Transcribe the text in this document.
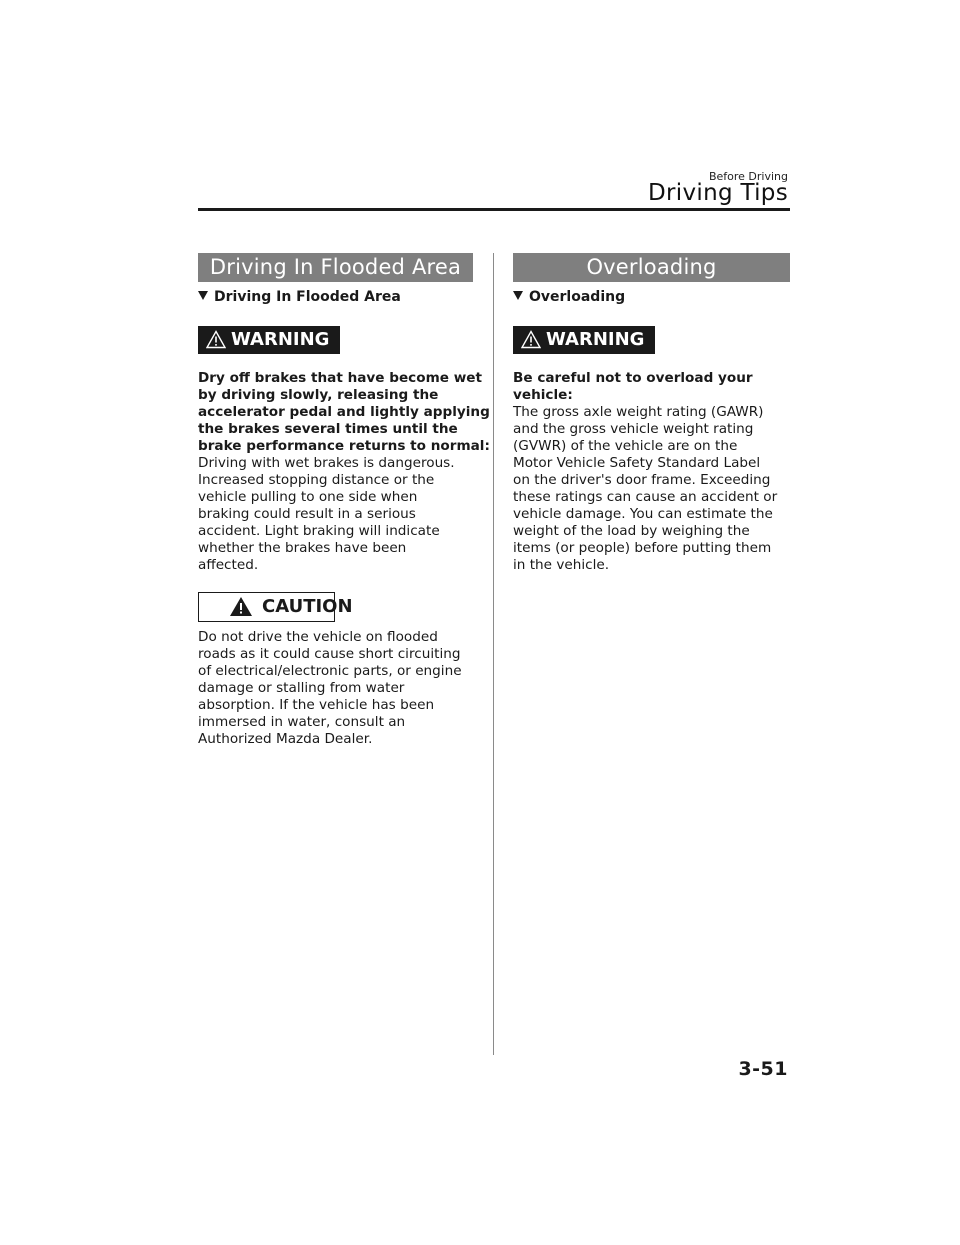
Before Driving
Driving Tips
Driving In Flooded Area
Driving In Flooded Area
WARNING
Dry off brakes that have become wet
by driving slowly, releasing the
accelerator pedal and lightly applying
the brakes several times until the
brake performance returns to normal:
Driving with wet brakes is dangerous.
Increased stopping distance or the
vehicle pulling to one side when
braking could result in a serious
accident. Light braking will indicate
whether the brakes have been
affected.
CAUTION
Do not drive the vehicle on flooded
roads as it could cause short circuiting
of electrical/electronic parts, or engine
damage or stalling from water
absorption. If the vehicle has been
immersed in water, consult an
Authorized Mazda Dealer.
Overloading
Overloading
WARNING
Be careful not to overload your
vehicle:
The gross axle weight rating (GAWR)
and the gross vehicle weight rating
(GVWR) of the vehicle are on the
Motor Vehicle Safety Standard Label
on the driver's door frame. Exceeding
these ratings can cause an accident or
vehicle damage. You can estimate the
weight of the load by weighing the
items (or people) before putting them
in the vehicle.
3-51
